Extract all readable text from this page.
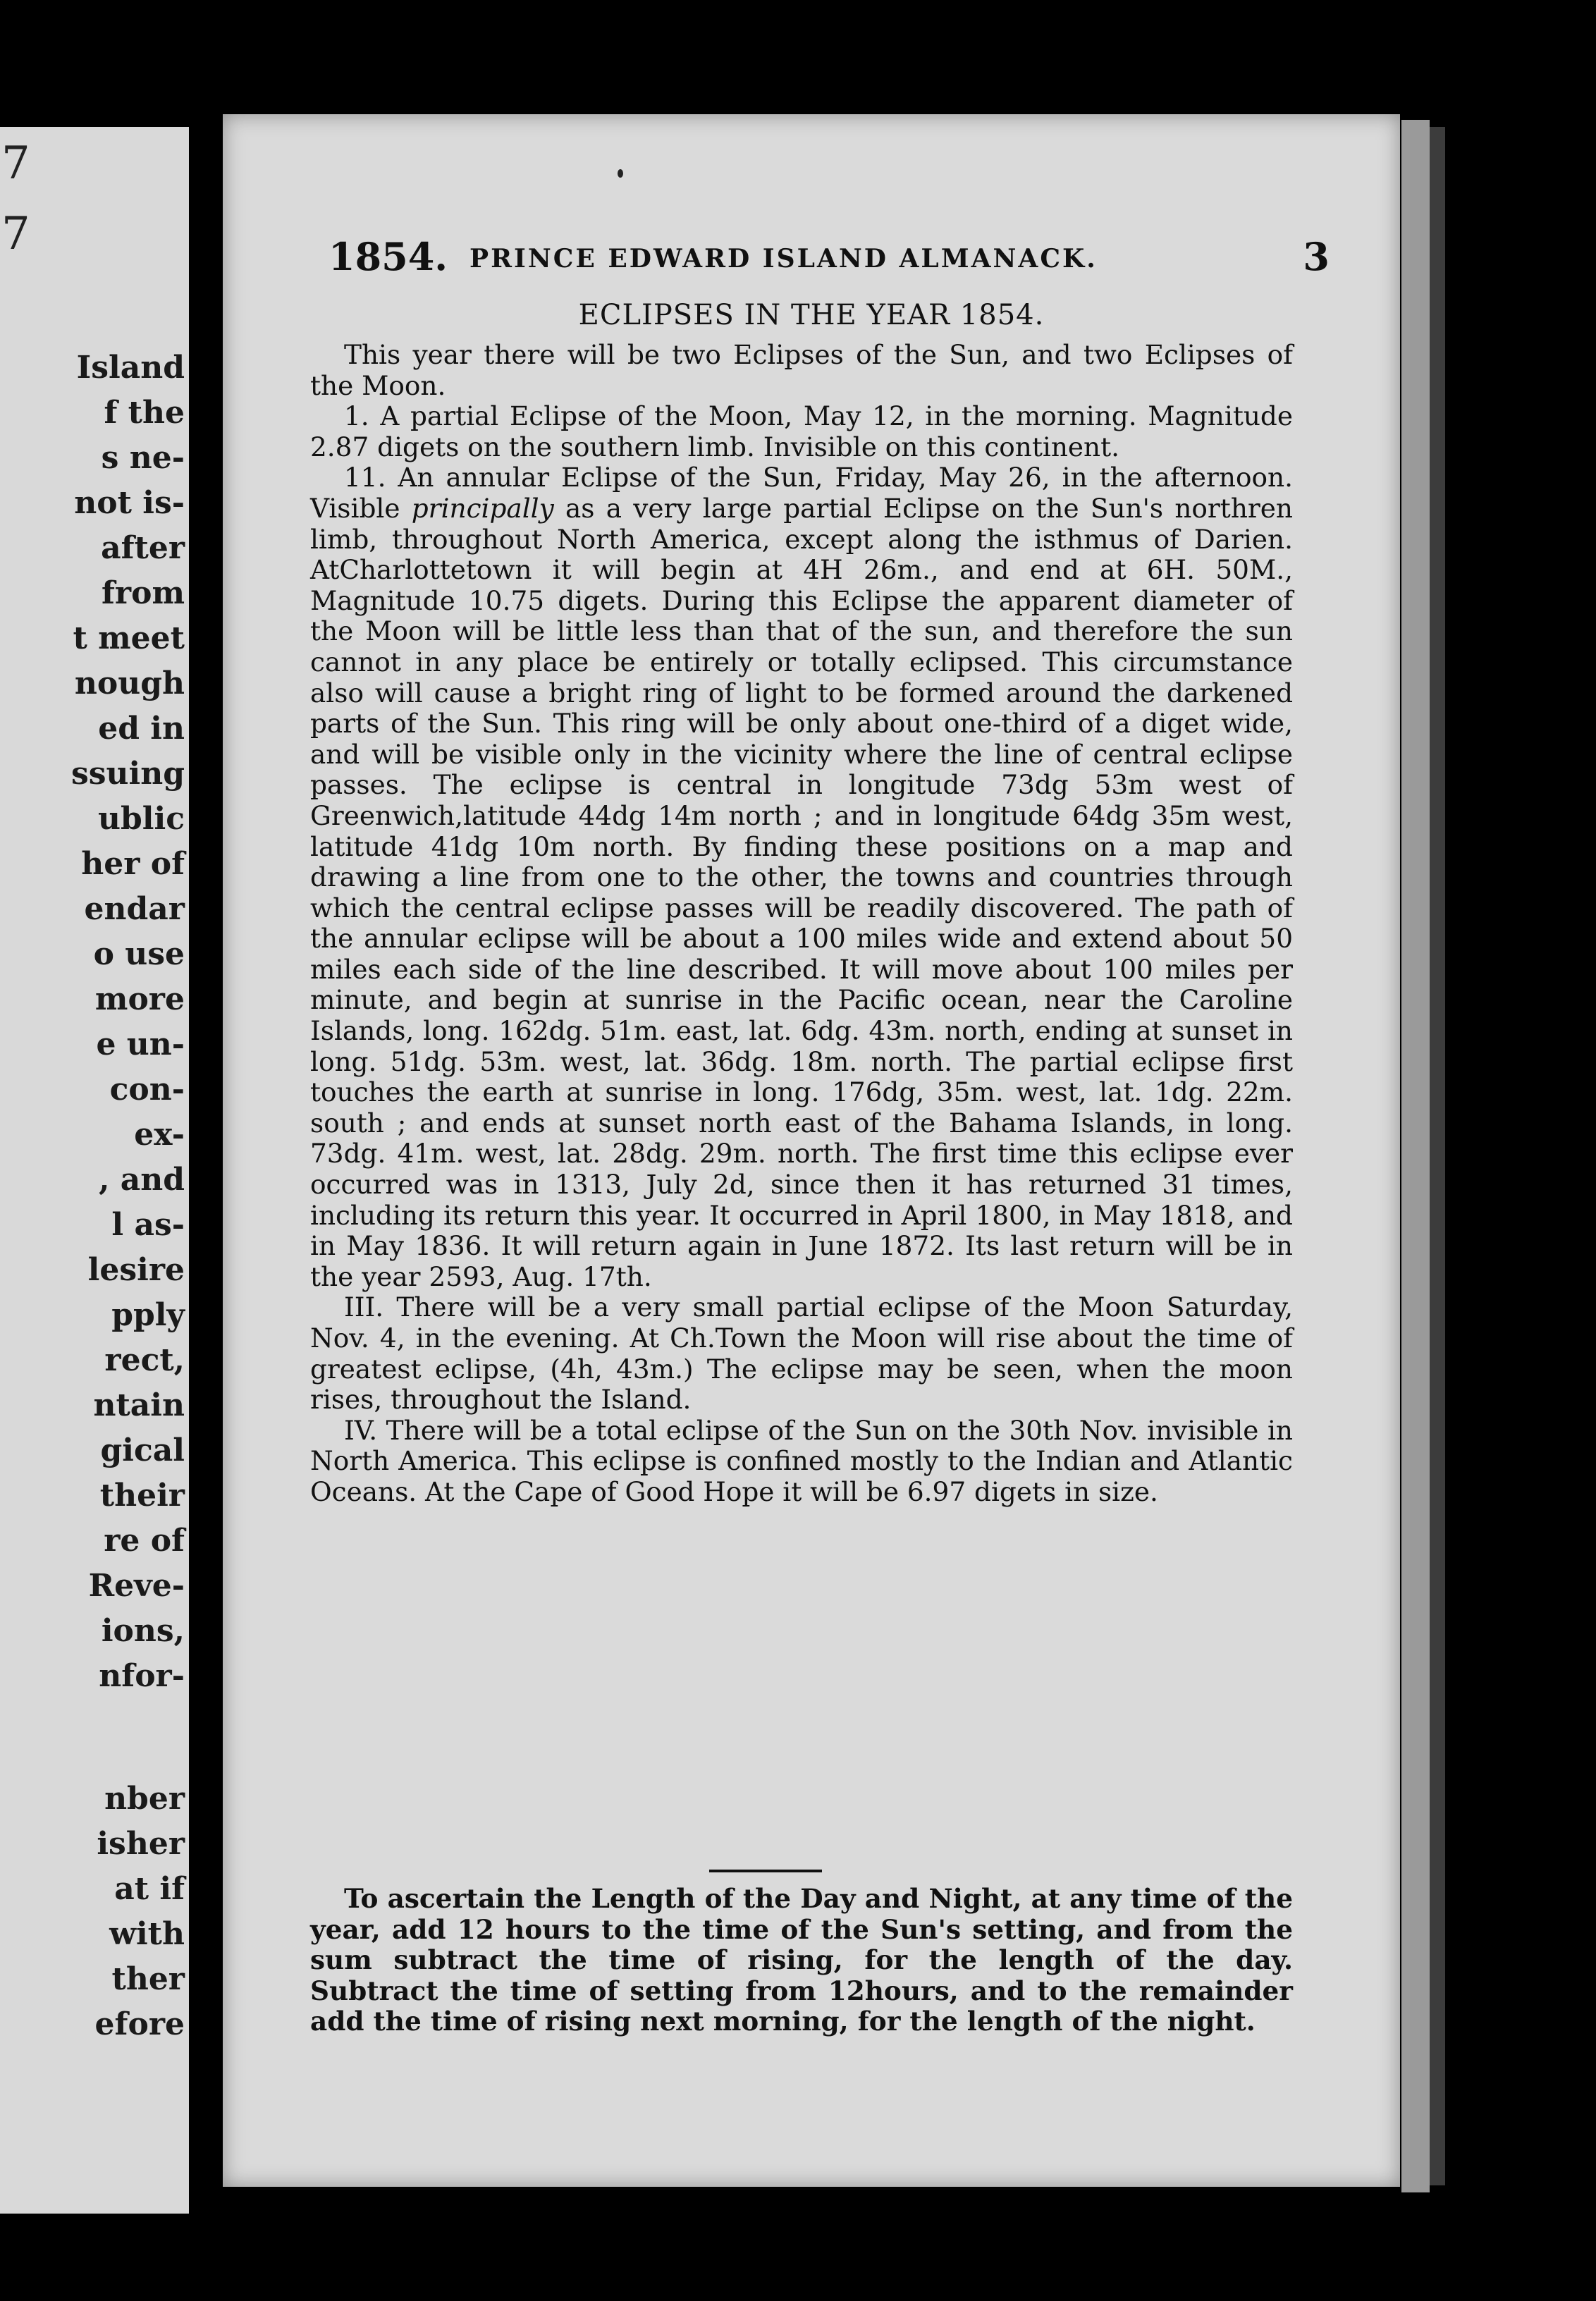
7
7
Island
f the
s ne-
not is-
after
from
t meet
nough
ed in
ssuing
ublic
her of
endar
o use
more
e un-
con-
ex-
, and
l as-
lesire
pply
rect,
ntain
gical
their
re of
Reve-
ions,
nfor-
nber
isher
at if
with
ther
efore
1854. PRINCE EDWARD ISLAND ALMANACK.	3
ECLIPSES IN THE YEAR 1854.

This year there will be two Eclipses of the Sun, and two Eclipses of the Moon.

1. A partial Eclipse of the Moon, May 12, in the morning. Magnitude 2.87 digets on the southern limb. Invisible on this continent.

11. An annular Eclipse of the Sun, Friday, May 26, in the afternoon. Visible principally as a very large partial Eclipse on the Sun's northren limb, throughout North America, except along the isthmus of Darien. AtCharlottetown it will begin at 4H 26m., and end at 6H. 50M., Magnitude 10.75 digets. During this Eclipse the apparent diameter of the Moon will be little less than that of the sun, and therefore the sun cannot in any place be entirely or totally eclipsed. This circumstance also will cause a bright ring of light to be formed around the darkened parts of the Sun. This ring will be only about one-third of a diget wide, and will be visible only in the vicinity where the line of central eclipse passes. The eclipse is central in longitude 73dg 53m west of Greenwich,latitude 44dg 14m north ; and in longitude 64dg 35m west, latitude 41dg 10m north. By finding these positions on a map and drawing a line from one to the other, the towns and countries through which the central eclipse passes will be readily discovered. The path of the annular eclipse will be about a 100 miles wide and extend about 50 miles each side of the line described. It will move about 100 miles per minute, and begin at sunrise in the Pacific ocean, near the Caroline Islands, long. 162dg. 51m. east, lat. 6dg. 43m. north, ending at sunset in long. 51dg. 53m. west, lat. 36dg. 18m. north. The partial eclipse first touches the earth at sunrise in long. 176dg, 35m. west, lat. 1dg. 22m. south ; and ends at sunset north east of the Bahama Islands, in long. 73dg. 41m. west, lat. 28dg. 29m. north. The first time this eclipse ever occurred was in 1313, July 2d, since then it has returned 31 times, including its return this year. It occurred in April 1800, in May 1818, and in May 1836. It will return again in June 1872. Its last return will be in the year 2593, Aug. 17th.

III. There will be a very small partial eclipse of the Moon Saturday, Nov. 4, in the evening. At Ch.Town the Moon will rise about the time of greatest eclipse, (4h, 43m.) The eclipse may be seen, when the moon rises, throughout the Island.

IV. There will be a total eclipse of the Sun on the 30th Nov. invisible in North America. This eclipse is confined mostly to the Indian and Atlantic Oceans. At the Cape of Good Hope it will be 6.97 digets in size.

To ascertain the Length of the Day and Night, at any time of the year, add 12 hours to the time of the Sun's setting, and from the sum subtract the time of rising, for the length of the day. Subtract the time of setting from 12hours, and to the remainder add the time of rising next morning, for the length of the night.
